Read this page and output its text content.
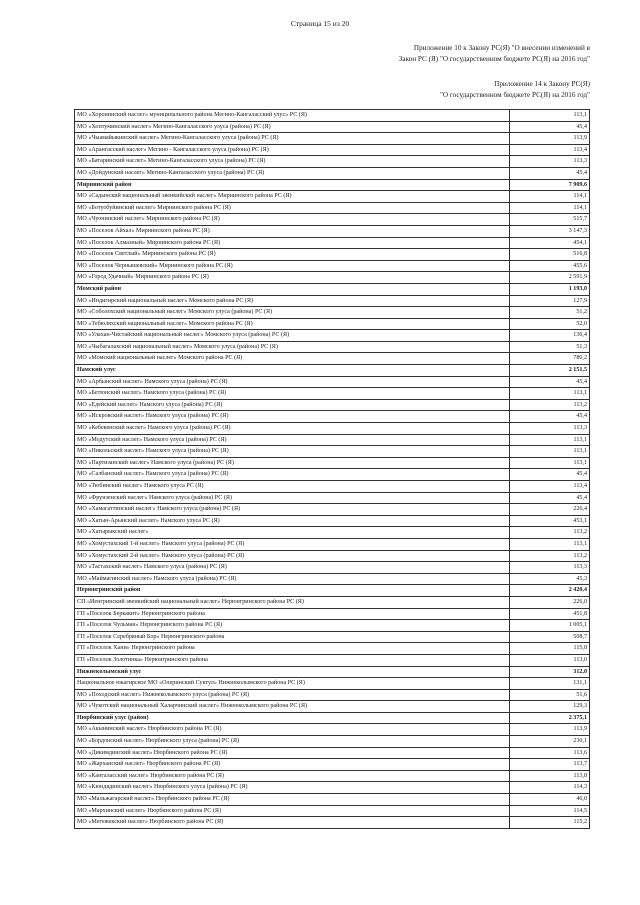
Страница 15 из 20
Приложение 10 к Закону РС(Я) "О внесении изменений в
Закон РС (Я) "О государственном бюджете РС(Я) на 2016 год"
Приложение 14 к Закону РС(Я)
"О государственном бюджете РС(Я) на 2016 год"
МО «Хоронинский наслег» муниципального района Мегино-Кангаласский улус» РС (Я)	113,1
МО «Хоптуминский наслег» Мегино-Кангаласского улуса (района) РС (Я)	45,4
МО «Чыамайыкинский наслег» Мегино-Кангаласского улуса (района) РС (Я)	113,9
МО «Арангасский наслег» Мегино - Кангаласского улуса (района) РС (Я)	113,4
МО «Батаринский наслег» Мегино-Кангаласского улуса (района) РС (Я)	113,3
МО «Дойдунский наслег» Мегино-Кангаласского улуса (района) РС (Я)	45,4
Мирнинский район	7 909,6
МО «Садынский национальный эвенкийский наслег» Мирнинского района РС (Я)	114,1
МО «Ботуобуйинский наслег» Мирнинского района РС (Я)	114,1
МО «Чуонинский наслег» Мирнинского района РС (Я)	515,7
МО «Поселок Айхал» Мирнинского района РС (Я)	3 147,3
МО «Поселок Алмазный» Мирнинского района РС (Я)	454,1
МО «Поселок Светлый» Мирнинского района РС (Я)	516,8
МО «Поселок Чернышевский» Мирнинского района РС (Я)	455,6
МО «Город Удачный» Мирнинского района РС (Я)	2 591,9
Момский район	1 193,0
МО «Индигирский национальный наслег» Момского района РС (Я)	127,9
МО «Соболохский национальный наслег» Момского улуса (района) РС (Я)	51,2
МО «Тебюляхский национальный наслег» Момского района РС (Я)	52,0
МО «Улахан-Чистайский национальный наслег» Момского улуса (района) РС (Я)	130,4
МО «Чыбагалахский национальный наслег» Момского улуса (района) РС (Я)	51,3
МО «Момский национальный наслег» Момского района РС (Я)	780,2
Намский улус	2 151,5
МО «Арбынский наслег» Намского улуса (района) РС (Я)	45,4
МО «Бетюнский наслег» Намского улуса (района) РС (Я)	113,1
МО «Едейский наслег» Намского улуса (района) РС (Я)	113,2
МО «Искровский наслег» Намского улуса (района) РС (Я)	45,4
МО «Кебекенский наслег» Намского улуса (района) РС (Я)	113,3
МО «Модутский наслег» Намского улуса (района) РС (Я)	113,1
МО «Никольский наслег» Намского улуса (района) РС (Я)	113,1
МО «Партизанский наслег» Намского улуса (района) РС (Я)	113,1
МО «Салбанский наслег» Намского улуса (района) РС (Я)	45,4
МО «Тюбинский наслег» Намского улуса РС (Я)	113,4
МО «Фрунзенский наслег» Намского улуса (района) РС (Я)	45,4
МО «Хамагаттинский наслег» Намского улуса (района) РС (Я)	226,4
МО «Хатын-Арынский наслег» Намского улуса РС (Я)	453,1
МО «Хатырыкский наслег»	113,2
МО «Хомустахский 1-й наслег» Намского улуса (района) РС (Я)	113,1
МО «Хомустахский 2-й наслег» Намского улуса (района) РС (Я)	113,2
МО «Тастахский наслег» Намского улуса (района) РС (Я)	113,3
МО «Маймагинский наслег» Намского улуса (района) РС (Я)	45,3
Нерюнгринский район	2 420,4
СП «Иенгринский эвенкийский национальный наслег» Нерюнгринского района РС (Я)	226,0
ГП «Поселок Беркакит» Нерюнгринского района	451,8
ГП «Поселок Чульман» Нерюнгринского района РС (Я)	1 005,1
ГП «Поселок Серебряный Бор» Нерюнгринского района	508,7
ГП «Поселок Хани» Нерюнгринского района	115,8
ГП «Поселок Золотинка» Нерюнгринского района	113,0
Нижнеколымский улус	312,0
Национальное юкагирское МО «Олеринский Суктул» Нижнеколымского района РС (Я)	131,1
МО «Походский наслег» Нижнеколымского улуса (района) РС (Я)	51,6
МО «Чукотский национальный Халарчинский наслег» Нижнеколымского района РС (Я)	129,3
Нюрбинский улус (район)	2 375,1
МО «Акынинский наслег» Нюрбинского района РС (Я)	113,9
МО «Бордонский наслег» Нюрбинского улуса (района) РС (Я)	230,1
МО «Дикимдинский наслег» Нюрбинского района РС (Я)	113,6
МО «Жарханский наслег» Нюрбинского района РС (Я)	113,7
МО «Кангаласский наслег» Нюрбинского района РС (Я)	113,8
МО «Кюндядинский наслег» Нюрбинского улуса (района) РС (Я)	114,3
МО «Мальжагарский наслег» Нюрбинского района РС (Я)	46,0
МО «Мархинский наслег» Нюрбинского района РС (Я)	114,5
МО «Мегежекский наслег» Нюрбинского района РС (Я)	115,2
